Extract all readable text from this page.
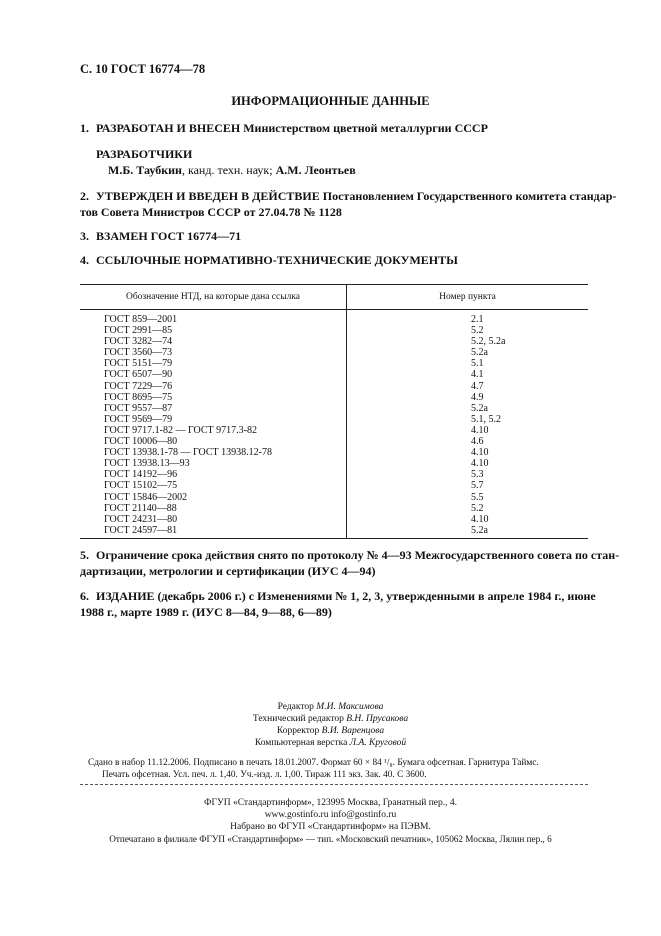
С. 10 ГОСТ 16774—78
ИНФОРМАЦИОННЫЕ ДАННЫЕ
1. РАЗРАБОТАН И ВНЕСЕН Министерством цветной металлургии СССР
РАЗРАБОТЧИКИ
М.Б. Таубкин, канд. техн. наук; А.М. Леонтьев
2. УТВЕРЖДЕН И ВВЕДЕН В ДЕЙСТВИЕ Постановлением Государственного комитета стандар-
тов Совета Министров СССР от 27.04.78 № 1128
3. ВЗАМЕН ГОСТ 16774—71
4. ССЫЛОЧНЫЕ НОРМАТИВНО-ТЕХНИЧЕСКИЕ ДОКУМЕНТЫ
Обозначение НТД, на которые дана ссылка	Номер пункта
ГОСТ 859—2001	2.1
ГОСТ 2991—85	5.2
ГОСТ 3282—74	5.2, 5.2а
ГОСТ 3560—73	5.2а
ГОСТ 5151—79	5.1
ГОСТ 6507—90	4.1
ГОСТ 7229—76	4.7
ГОСТ 8695—75	4.9
ГОСТ 9557—87	5.2а
ГОСТ 9569—79	5.1, 5.2
ГОСТ 9717.1-82 — ГОСТ 9717.3-82	4.10
ГОСТ 10006—80	4.6
ГОСТ 13938.1-78 — ГОСТ 13938.12-78	4.10
ГОСТ 13938.13—93	4.10
ГОСТ 14192—96	5.3
ГОСТ 15102—75	5.7
ГОСТ 15846—2002	5.5
ГОСТ 21140—88	5.2
ГОСТ 24231—80	4.10
ГОСТ 24597—81	5.2а
5. Ограничение срока действия снято по протоколу № 4—93 Межгосударственного совета по стан-
дартизации, метрологии и сертификации (ИУС 4—94)
6. ИЗДАНИЕ (декабрь 2006 г.) с Изменениями № 1, 2, 3, утвержденными в апреле 1984 г., июне
1988 г., марте 1989 г. (ИУС 8—84, 9—88, 6—89)
Редактор М.И. Максимова
Технический редактор В.Н. Прусакова
Корректор В.И. Варенцова
Компьютерная верстка Л.А. Круговой
Сдано в набор 11.12.2006. Подписано в печать 18.01.2007. Формат 60 × 84 ¹/₈. Бумага офсетная. Гарнитура Таймс.
Печать офсетная. Усл. печ. л. 1,40. Уч.-изд. л. 1,00. Тираж 111 экз. Зак. 40. С 3600.
ФГУП «Стандартинформ», 123995 Москва, Гранатный пер., 4.
www.gostinfo.ru info@gostinfo.ru
Набрано во ФГУП «Стандартинформ» на ПЭВМ.
Отпечатано в филиале ФГУП «Стандартинформ» — тип. «Московский печатник», 105062 Москва, Лялин пер., 6
